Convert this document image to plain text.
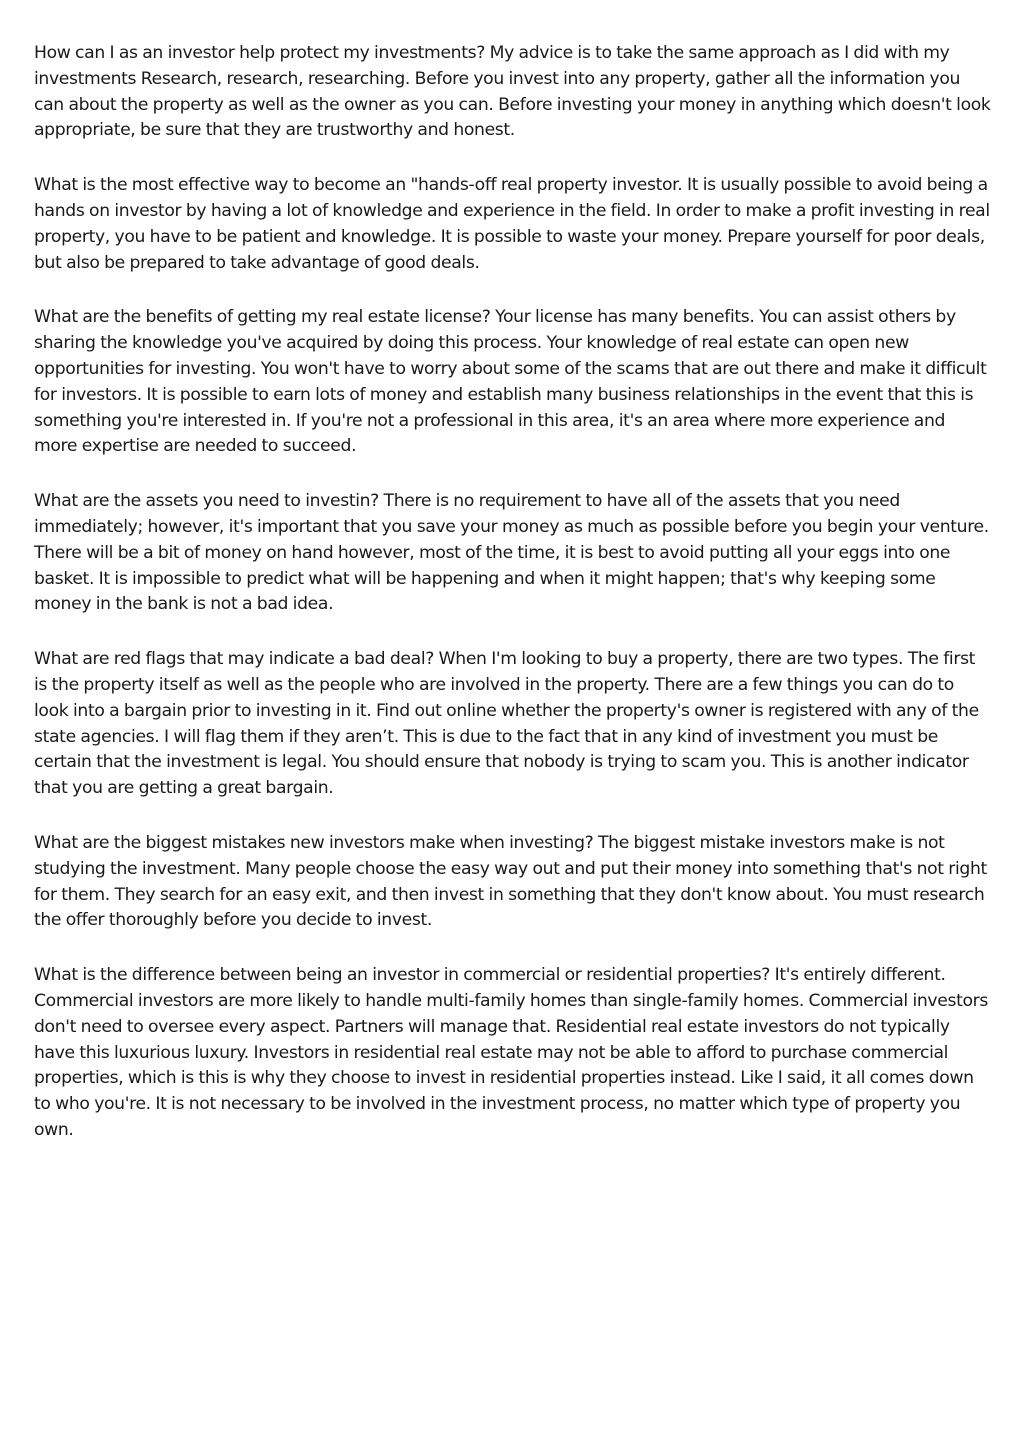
How can I as an investor help protect my investments? My advice is to take the same approach as I did with my investments Research, research, researching. Before you invest into any property, gather all the information you can about the property as well as the owner as you can. Before investing your money in anything which doesn't look appropriate, be sure that they are trustworthy and honest.

What is the most effective way to become an "hands-off real property investor. It is usually possible to avoid being a hands on investor by having a lot of knowledge and experience in the field. In order to make a profit investing in real property, you have to be patient and knowledge. It is possible to waste your money. Prepare yourself for poor deals, but also be prepared to take advantage of good deals.

What are the benefits of getting my real estate license? Your license has many benefits. You can assist others by sharing the knowledge you've acquired by doing this process. Your knowledge of real estate can open new opportunities for investing. You won't have to worry about some of the scams that are out there and make it difficult for investors. It is possible to earn lots of money and establish many business relationships in the event that this is something you're interested in. If you're not a professional in this area, it's an area where more experience and more expertise are needed to succeed.

What are the assets you need to investin? There is no requirement to have all of the assets that you need immediately; however, it's important that you save your money as much as possible before you begin your venture. There will be a bit of money on hand however, most of the time, it is best to avoid putting all your eggs into one basket. It is impossible to predict what will be happening and when it might happen; that's why keeping some money in the bank is not a bad idea.

What are red flags that may indicate a bad deal? When I'm looking to buy a property, there are two types. The first is the property itself as well as the people who are involved in the property. There are a few things you can do to look into a bargain prior to investing in it. Find out online whether the property's owner is registered with any of the state agencies. I will flag them if they aren’t. This is due to the fact that in any kind of investment you must be certain that the investment is legal. You should ensure that nobody is trying to scam you. This is another indicator that you are getting a great bargain.

What are the biggest mistakes new investors make when investing? The biggest mistake investors make is not studying the investment. Many people choose the easy way out and put their money into something that's not right for them. They search for an easy exit, and then invest in something that they don't know about. You must research the offer thoroughly before you decide to invest.

What is the difference between being an investor in commercial or residential properties? It's entirely different. Commercial investors are more likely to handle multi-family homes than single-family homes. Commercial investors don't need to oversee every aspect. Partners will manage that. Residential real estate investors do not typically have this luxurious luxury. Investors in residential real estate may not be able to afford to purchase commercial properties, which is this is why they choose to invest in residential properties instead. Like I said, it all comes down to who you're. It is not necessary to be involved in the investment process, no matter which type of property you own.
